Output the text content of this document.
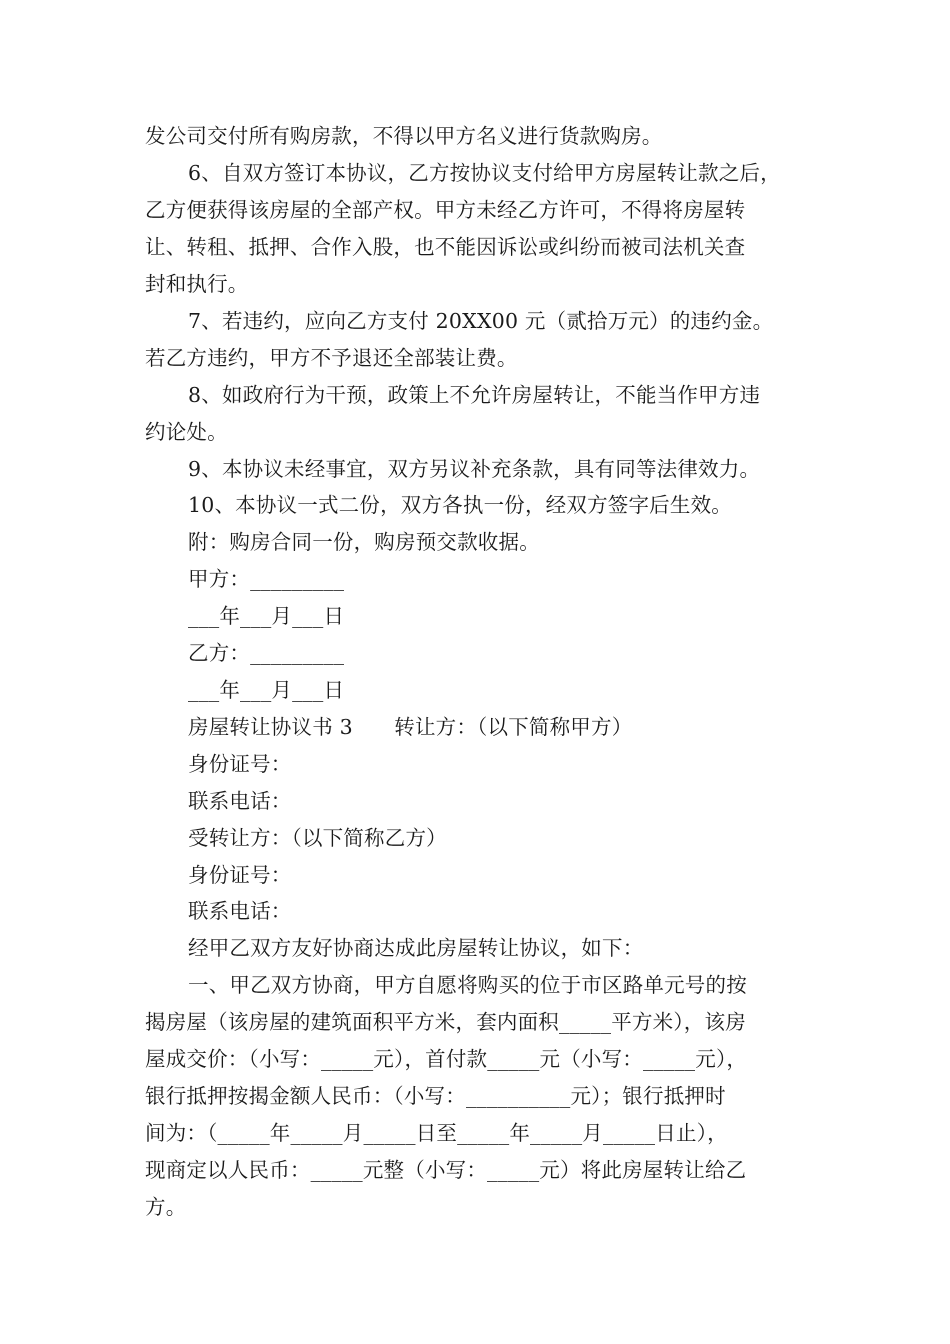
发公司交付所有购房款，不得以甲方名义进行货款购房。
6、自双方签订本协议，乙方按协议支付给甲方房屋转让款之后，
乙方便获得该房屋的全部产权。甲方未经乙方许可，不得将房屋转
让、转租、抵押、合作入股，也不能因诉讼或纠纷而被司法机关查
封和执行。
7、若违约，应向乙方支付 20XX00 元（贰拾万元）的违约金。
若乙方违约，甲方不予退还全部装让费。
8、如政府行为干预，政策上不允许房屋转让，不能当作甲方违
约论处。
9、本协议未经事宜，双方另议补充条款，具有同等法律效力。
10、本协议一式二份，双方各执一份，经双方签字后生效。
附：购房合同一份，购房预交款收据。
甲方：_________
___年___月___日
乙方：_________
___年___月___日
房屋转让协议书 3　　转让方：（以下简称甲方）
身份证号：
联系电话：
受转让方：（以下简称乙方）
身份证号：
联系电话：
经甲乙双方友好协商达成此房屋转让协议，如下：
一、甲乙双方协商，甲方自愿将购买的位于市区路单元号的按
揭房屋（该房屋的建筑面积平方米，套内面积_____平方米），该房
屋成交价：（小写：_____元），首付款_____元（小写：_____元），
银行抵押按揭金额人民币：（小写：__________元）；银行抵押时
间为：（_____年_____月_____日至_____年_____月_____日止），
现商定以人民币：_____元整（小写：_____元）将此房屋转让给乙
方。
